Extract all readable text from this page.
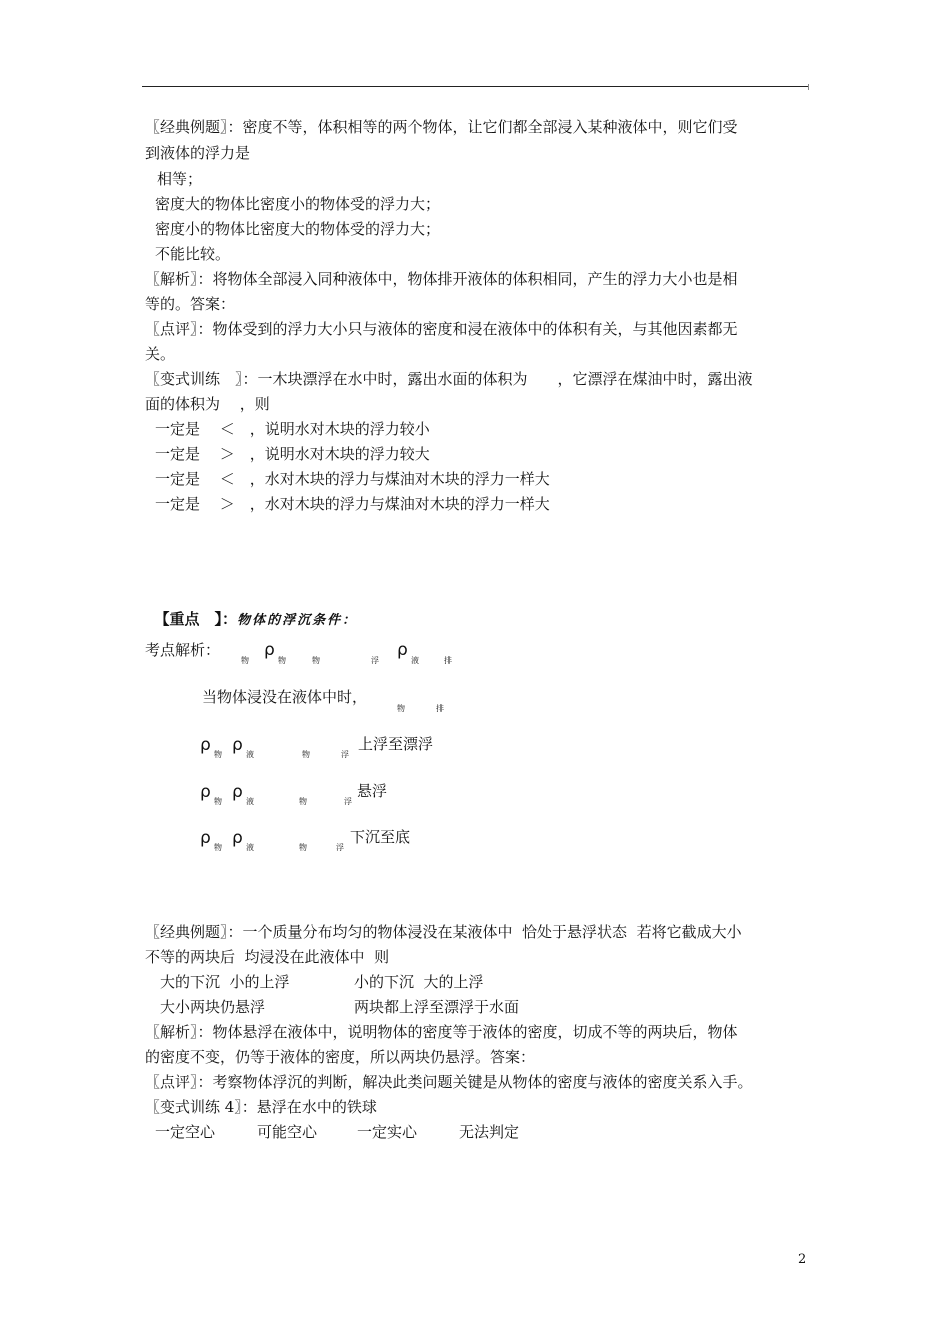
〖经典例题〗：密度不等，体积相等的两个物体，让它们都全部浸入某种液体中，则它们受
到液体的浮力是
相等；
密度大的物体比密度小的物体受的浮力大；
密度小的物体比密度大的物体受的浮力大；
不能比较。
〖解析〗：将物体全部浸入同种液体中，物体排开液体的体积相同，产生的浮力大小也是相
等的。答案：
〖点评〗：物体受到的浮力大小只与液体的密度和浸在液体中的体积有关，与其他因素都无
关。
〖变式训练　〗：一木块漂浮在水中时，露出水面的体积为　　，它漂浮在煤油中时，露出液
面的体积为　 ，则
一定是　 ＜　，说明水对木块的浮力较小
一定是　 ＞　，说明水对木块的浮力较大
一定是　 ＜　，水对木块的浮力与煤油对木块的浮力一样大
一定是　 ＞　，水对木块的浮力与煤油对木块的浮力一样大

【重点　】：物体的浮沉条件：

考点解析：
物
ρ
物	物	浮
ρ
液	排
当物体浸没在液体中时，
物	排
ρ 物 ρ 液	物	浮
上浮至漂浮
ρ 物 ρ 液	物	浮
悬浮
ρ 物 ρ 液	物	浮
下沉至底
〖经典例题〗：一个质量分布均匀的物体浸没在某液体中  恰处于悬浮状态  若将它截成大小
不等的两块后  均浸没在此液体中  则
大的下沉  小的上浮	小的下沉  大的上浮
大小两块仍悬浮	两块都上浮至漂浮于水面
〖解析〗：物体悬浮在液体中，说明物体的密度等于液体的密度，切成不等的两块后，物体
的密度不变，仍等于液体的密度，所以两块仍悬浮。答案：
〖点评〗：考察物体浮沉的判断，解决此类问题关键是从物体的密度与液体的密度关系入手。
〖变式训练 4〗：悬浮在水中的铁球
一定空心	可能空心	一定实心	无法判定
2
